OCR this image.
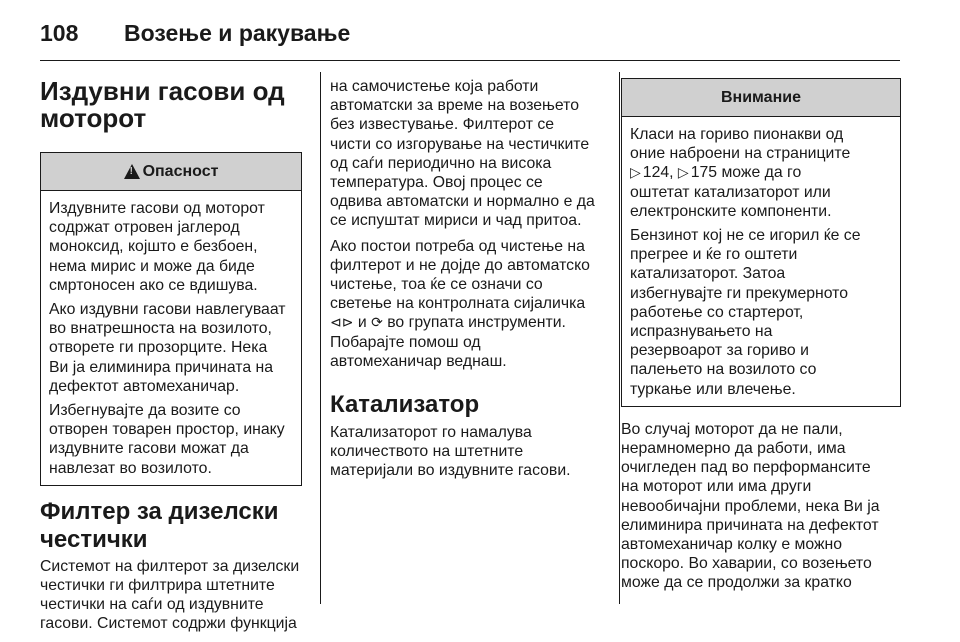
108	Возење и ракување
Издувни гасови од
моторот
! Опасност

Издувните гасови од моторот
содржат отровен јаглерод
моноксид, којшто е безбоен,
нема мирис и може да биде
смртоносен ако се вдишува.

Ако издувни гасови навлегуваат
во внатрешноста на возилото,
отворете ги прозорците. Нека
Ви ја елиминира причината на
дефектот автомеханичар.

Избегнувајте да возите со
отворен товарен простор, инаку
издувните гасови можат да
навлезат во возилото.

Филтер за дизелски
честички

Системот на филтерот за дизелски
честички ги филтрира штетните
честички на саѓи од издувните
гасови. Системот содржи функција

на самочистење која работи
автоматски за време на возењето
без известување. Филтерот се
чисти со изгорување на честичките
од саѓи периодично на висока
температура. Овој процес се
одвива автоматски и нормално е да
се испуштат мириси и чад притоа.

Ако постои потреба од чистење на
филтерот и не дојде до автоматско
чистење, тоа ќе се означи со
светење на контролната сијаличка
⊲⊳ и ⟳ во групата инструменти.
Побарајте помош од
автомеханичар веднаш.

Катализатор

Катализаторот го намалува
количеството на штетните
материјали во издувните гасови.

Внимание

Класи на гориво пионакви од
оние наброени на страниците
▷ 124, ▷ 175 може да го
оштетат катализаторот или
електронските компоненти.

Бензинот кој не се игорил ќе се
прегрее и ќе го оштети
катализаторот. Затоа
избегнувајте ги прекумерното
работење со стартерот,
испразнувањето на
резервоарот за гориво и
палењето на возилото со
туркање или влечење.

Во случај моторот да не пали,
нерамномерно да работи, има
очигледен пад во перформансите
на моторот или има други
невообичајни проблеми, нека Ви ја
елиминира причината на дефектот
автомеханичар колку е можно
поскоро. Во хаварии, со возењето
може да се продолжи за кратко
